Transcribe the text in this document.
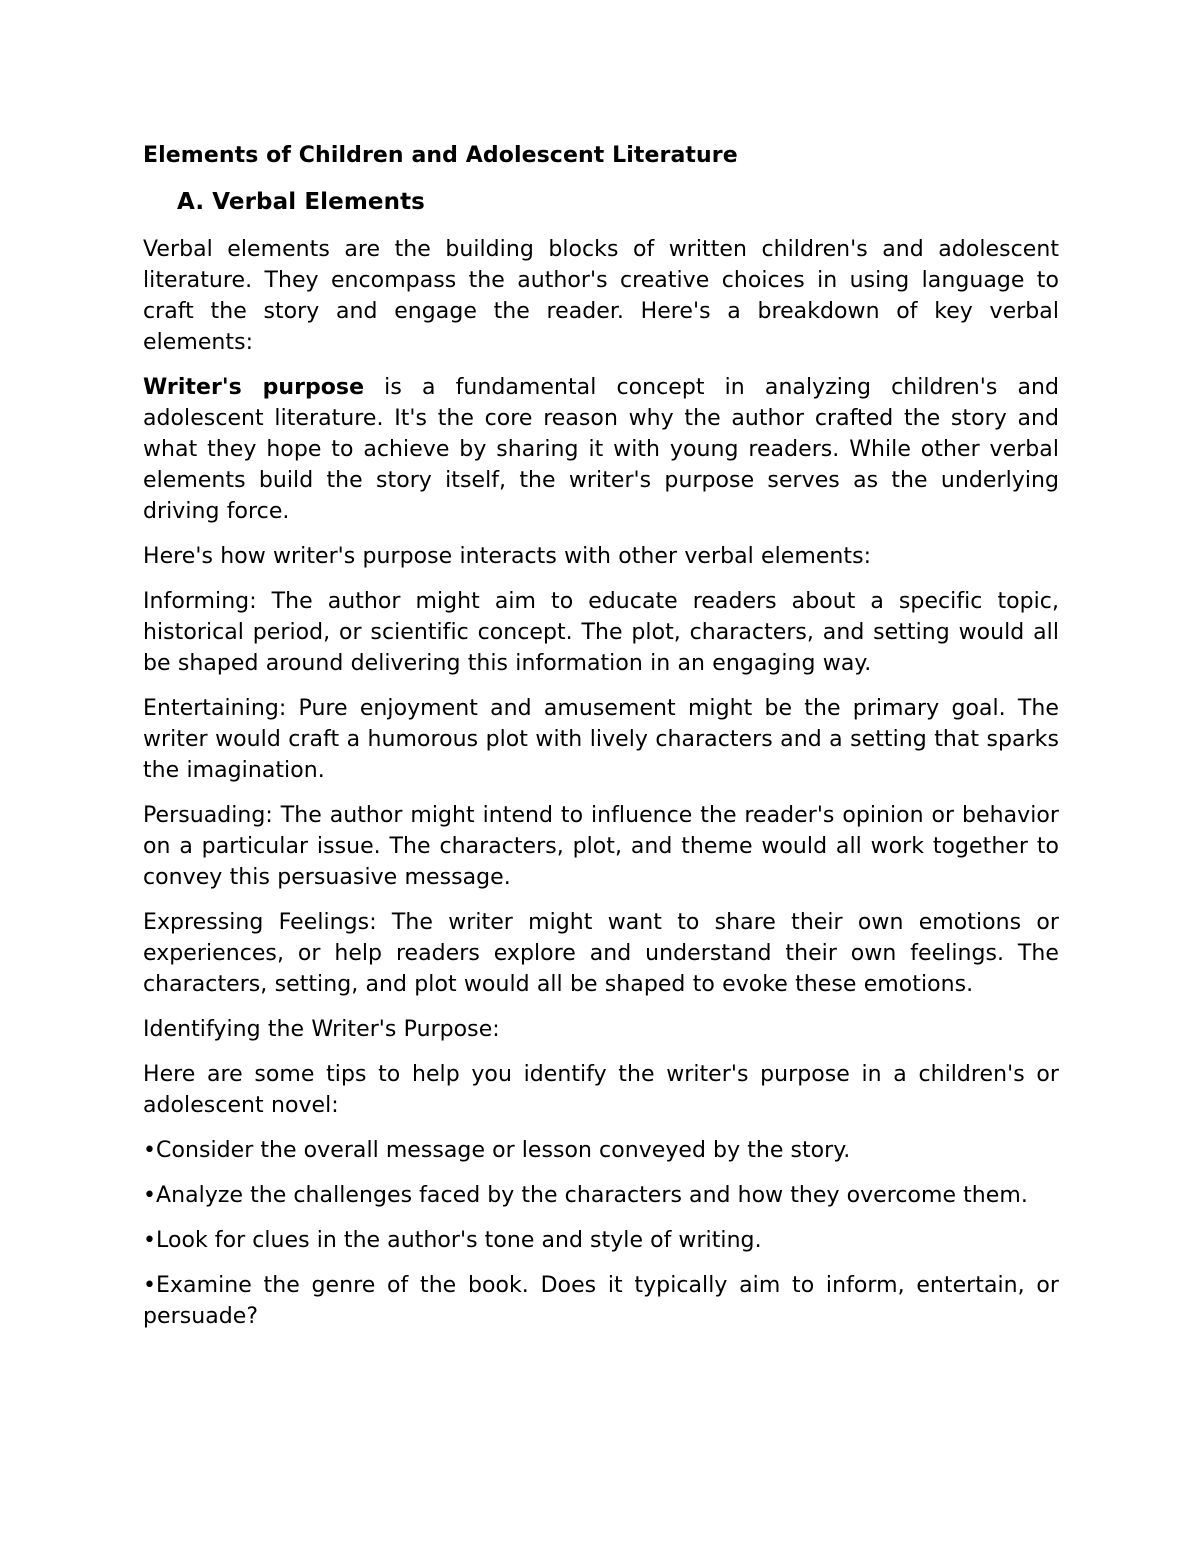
Elements of Children and Adolescent Literature
A. Verbal Elements

Verbal elements are the building blocks of written children's and adolescent literature. They encompass the author's creative choices in using language to craft the story and engage the reader. Here's a breakdown of key verbal elements:

Writer's purpose is a fundamental concept in analyzing children's and adolescent literature. It's the core reason why the author crafted the story and what they hope to achieve by sharing it with young readers. While other verbal elements build the story itself, the writer's purpose serves as the underlying driving force.

Here's how writer's purpose interacts with other verbal elements:

Informing: The author might aim to educate readers about a specific topic, historical period, or scientific concept. The plot, characters, and setting would all be shaped around delivering this information in an engaging way.

Entertaining: Pure enjoyment and amusement might be the primary goal. The writer would craft a humorous plot with lively characters and a setting that sparks the imagination.

Persuading: The author might intend to influence the reader's opinion or behavior on a particular issue. The characters, plot, and theme would all work together to convey this persuasive message.

Expressing Feelings: The writer might want to share their own emotions or experiences, or help readers explore and understand their own feelings. The characters, setting, and plot would all be shaped to evoke these emotions.

Identifying the Writer's Purpose:

Here are some tips to help you identify the writer's purpose in a children's or adolescent novel:

•Consider the overall message or lesson conveyed by the story.

•Analyze the challenges faced by the characters and how they overcome them.

•Look for clues in the author's tone and style of writing.

•Examine the genre of the book. Does it typically aim to inform, entertain, or persuade?
